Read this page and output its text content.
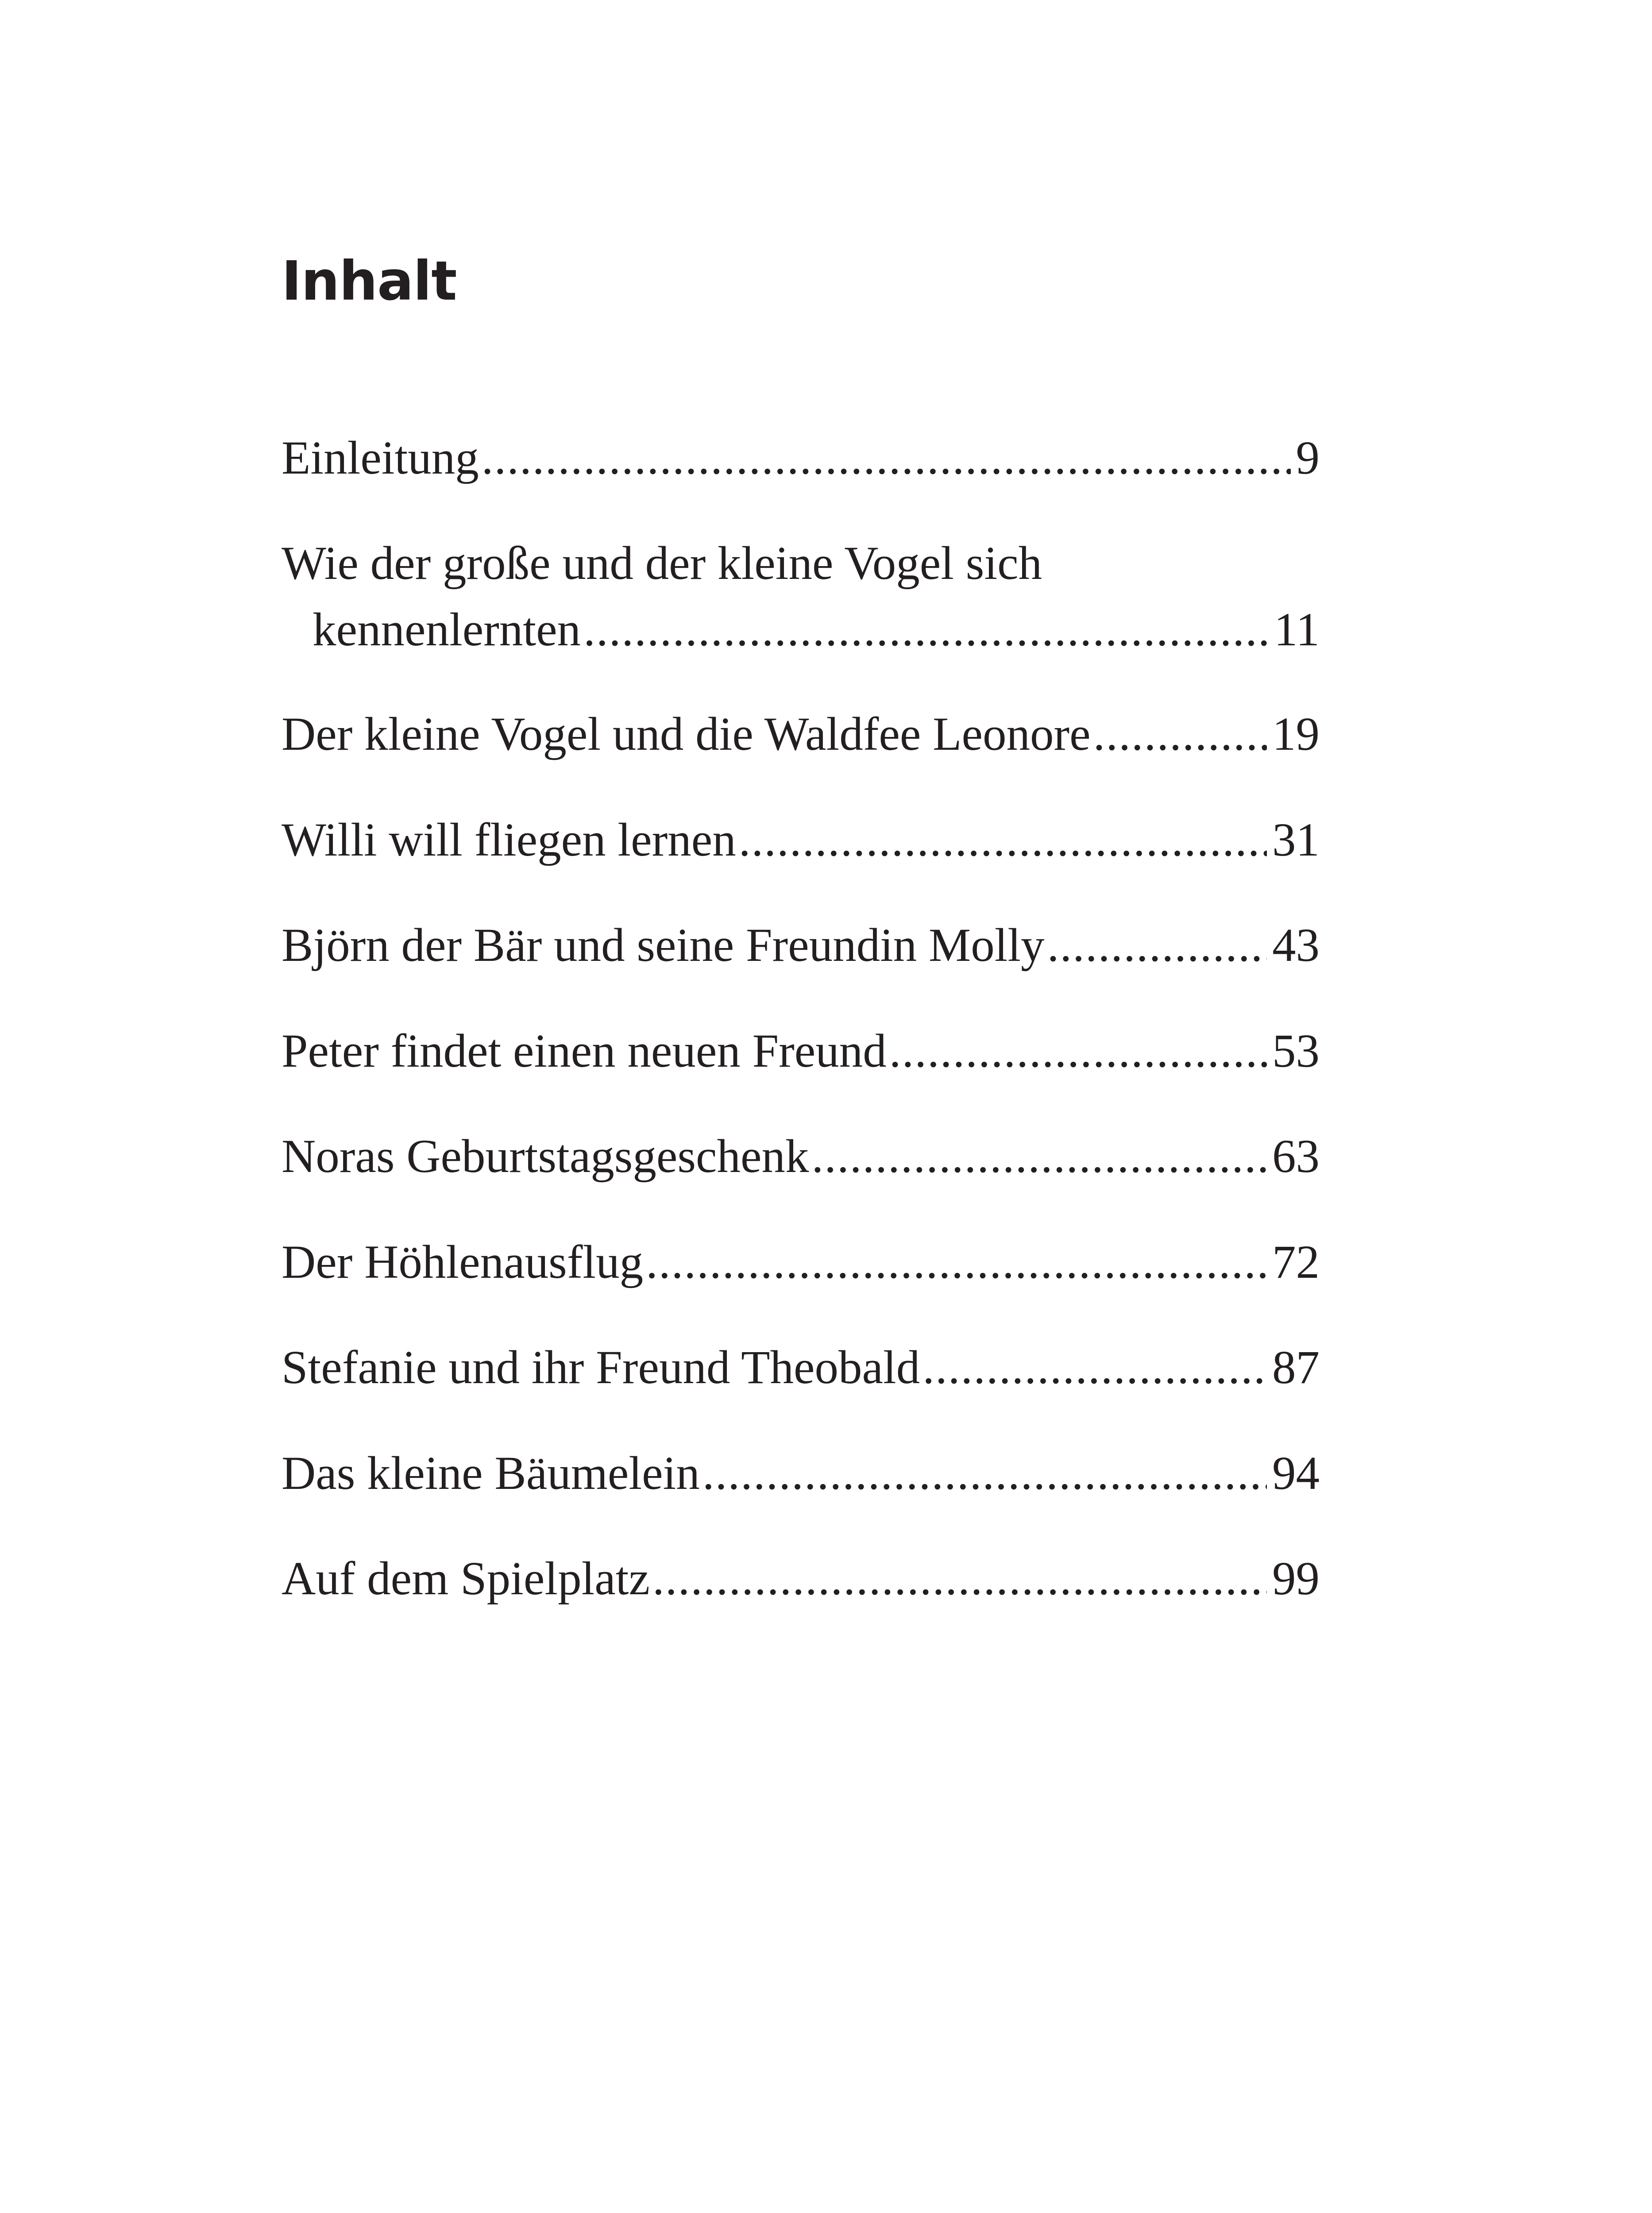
Inhalt
Einleitung .....	9
Wie der große und der kleine Vogel sich
kennenlernten .....	11
Der kleine Vogel und die Waldfee Leonore .....	19
Willi will fliegen lernen .....	31
Björn der Bär und seine Freundin Molly .....	43
Peter findet einen neuen Freund .....	53
Noras Geburtstagsgeschenk .....	63
Der Höhlenausflug .....	72
Stefanie und ihr Freund Theobald .....	87
Das kleine Bäumelein .....	94
Auf dem Spielplatz .....	99
